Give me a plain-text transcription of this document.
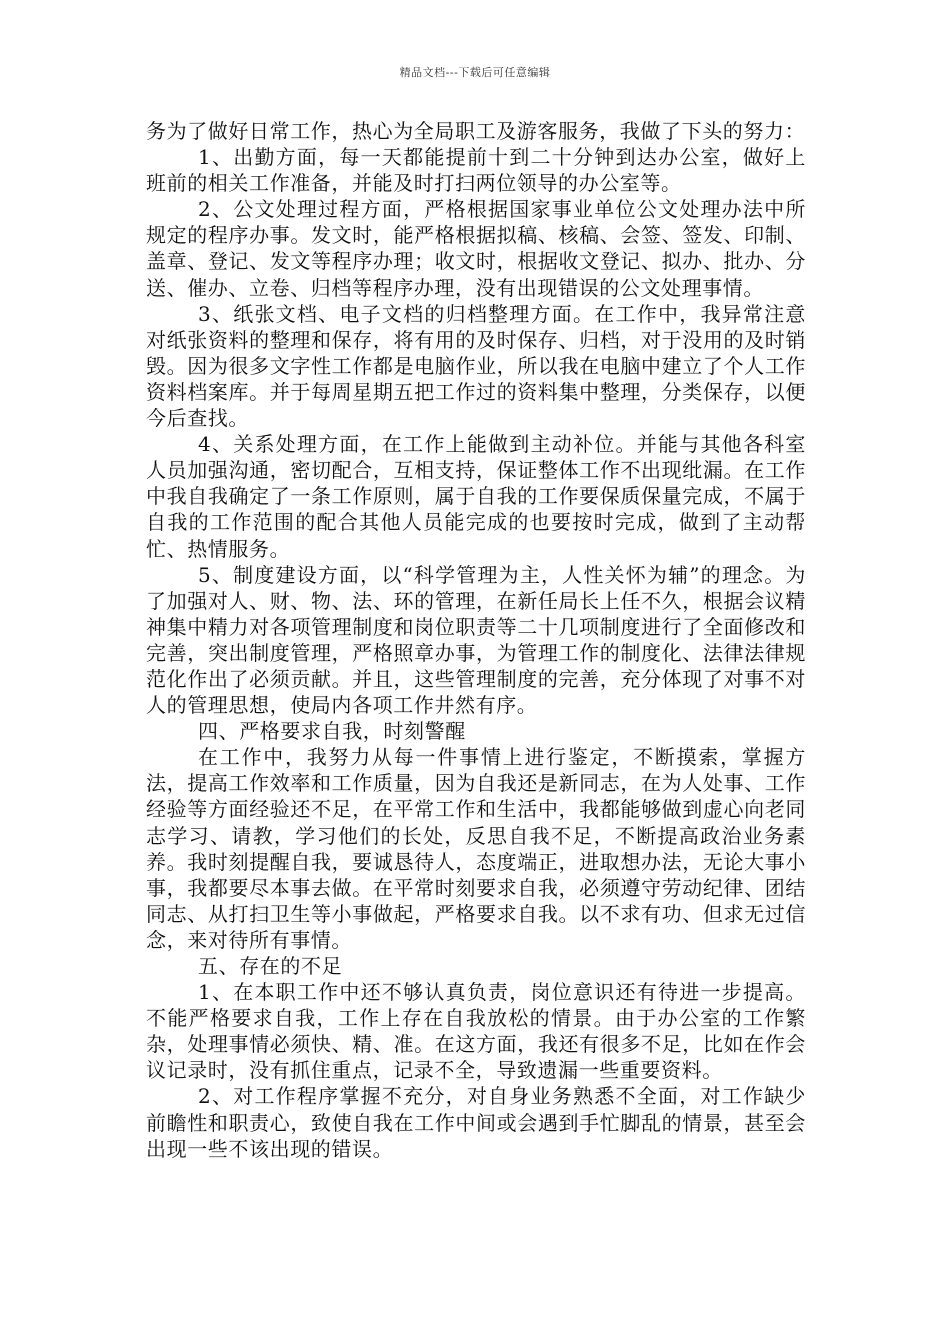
精品文档---下载后可任意编辑

务为了做好日常工作，热心为全局职工及游客服务，我做了下头的努力：

1、出勤方面，每一天都能提前十到二十分钟到达办公室，做好上班前的相关工作准备，并能及时打扫两位领导的办公室等。

2、公文处理过程方面，严格根据国家事业单位公文处理办法中所规定的程序办事。发文时，能严格根据拟稿、核稿、会签、签发、印制、盖章、登记、发文等程序办理；收文时，根据收文登记、拟办、批办、分送、催办、立卷、归档等程序办理，没有出现错误的公文处理事情。

3、纸张文档、电子文档的归档整理方面。在工作中，我异常注意对纸张资料的整理和保存，将有用的及时保存、归档，对于没用的及时销毁。因为很多文字性工作都是电脑作业，所以我在电脑中建立了个人工作资料档案库。并于每周星期五把工作过的资料集中整理，分类保存，以便今后查找。

4、关系处理方面，在工作上能做到主动补位。并能与其他各科室人员加强沟通，密切配合，互相支持，保证整体工作不出现纰漏。在工作中我自我确定了一条工作原则，属于自我的工作要保质保量完成，不属于自我的工作范围的配合其他人员能完成的也要按时完成，做到了主动帮忙、热情服务。

5、制度建设方面，以“科学管理为主，人性关怀为辅”的理念。为了加强对人、财、物、法、环的管理，在新任局长上任不久，根据会议精神集中精力对各项管理制度和岗位职责等二十几项制度进行了全面修改和完善，突出制度管理，严格照章办事，为管理工作的制度化、法律法律规范化作出了必须贡献。并且，这些管理制度的完善，充分体现了对事不对人的管理思想，使局内各项工作井然有序。

四、严格要求自我，时刻警醒

在工作中，我努力从每一件事情上进行鉴定，不断摸索，掌握方法，提高工作效率和工作质量，因为自我还是新同志，在为人处事、工作经验等方面经验还不足，在平常工作和生活中，我都能够做到虚心向老同志学习、请教，学习他们的长处，反思自我不足，不断提高政治业务素养。我时刻提醒自我，要诚恳待人，态度端正，进取想办法，无论大事小事，我都要尽本事去做。在平常时刻要求自我，必须遵守劳动纪律、团结同志、从打扫卫生等小事做起，严格要求自我。以不求有功、但求无过信念，来对待所有事情。

五、存在的不足

1、在本职工作中还不够认真负责，岗位意识还有待进一步提高。不能严格要求自我，工作上存在自我放松的情景。由于办公室的工作繁杂，处理事情必须快、精、准。在这方面，我还有很多不足，比如在作会议记录时，没有抓住重点，记录不全，导致遗漏一些重要资料。

2、对工作程序掌握不充分，对自身业务熟悉不全面，对工作缺少前瞻性和职责心，致使自我在工作中间或会遇到手忙脚乱的情景，甚至会出现一些不该出现的错误。
